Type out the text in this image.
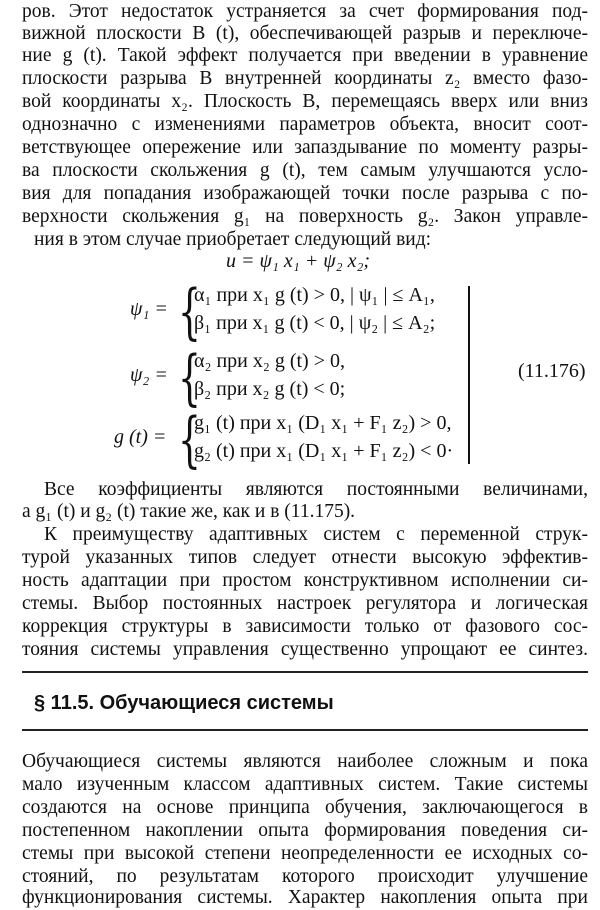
ров. Этот недостаток устраняется за счет формирования под-
вижной плоскости B (t), обеспечивающей разрыв и переключе-
ние g (t). Такой эффект получается при введении в уравнение
плоскости разрыва B внутренней координаты z₂ вместо фазо-
вой координаты x₂. Плоскость B, перемещаясь вверх или вниз
однозначно с изменениями параметров объекта, вносит соот-
ветствующее опережение или запаздывание по моменту разры-
ва плоскости скольжения g (t), тем самым улучшаются усло-
вия для попадания изображающей точки после разрыва с по-
верхности скольжения g₁ на поверхность g₂. Закон управле-
ния в этом случае приобретает следующий вид:
u = ψ₁ x₁ + ψ₂ x₂;
ψ₁ = {
α₁ при x₁ g (t) > 0, | ψ₁ | ≤ A₁,
β₁ при x₁ g (t) < 0, | ψ₂ | ≤ A₂;
ψ₂ = {
α₂ при x₂ g (t) > 0,
β₂ при x₂ g (t) < 0;
g (t) = {
g₁ (t) при x₁ (D₁ x₁ + F₁ z₂) > 0,
g₂ (t) при x₁ (D₁ x₁ + F₁ z₂) < 0·
(11.176)
Все коэффициенты являются постоянными величинами,
а g₁ (t) и g₂ (t) такие же, как и в (11.175).
К преимуществу адаптивных систем с переменной струк-
турой указанных типов следует отнести высокую эффектив-
ность адаптации при простом конструктивном исполнении си-
стемы. Выбор постоянных настроек регулятора и логическая
коррекция структуры в зависимости только от фазового сос-
тояния системы управления существенно упрощают ее синтез.
§ 11.5. Обучающиеся системы
Обучающиеся системы являются наиболее сложным и пока
мало изученным классом адаптивных систем. Такие системы
создаются на основе принципа обучения, заключающегося в
постепенном накоплении опыта формирования поведения си-
стемы при высокой степени неопределенности ее исходных со-
стояний, по результатам которого происходит улучшение
функционирования системы. Характер накопления опыта при
